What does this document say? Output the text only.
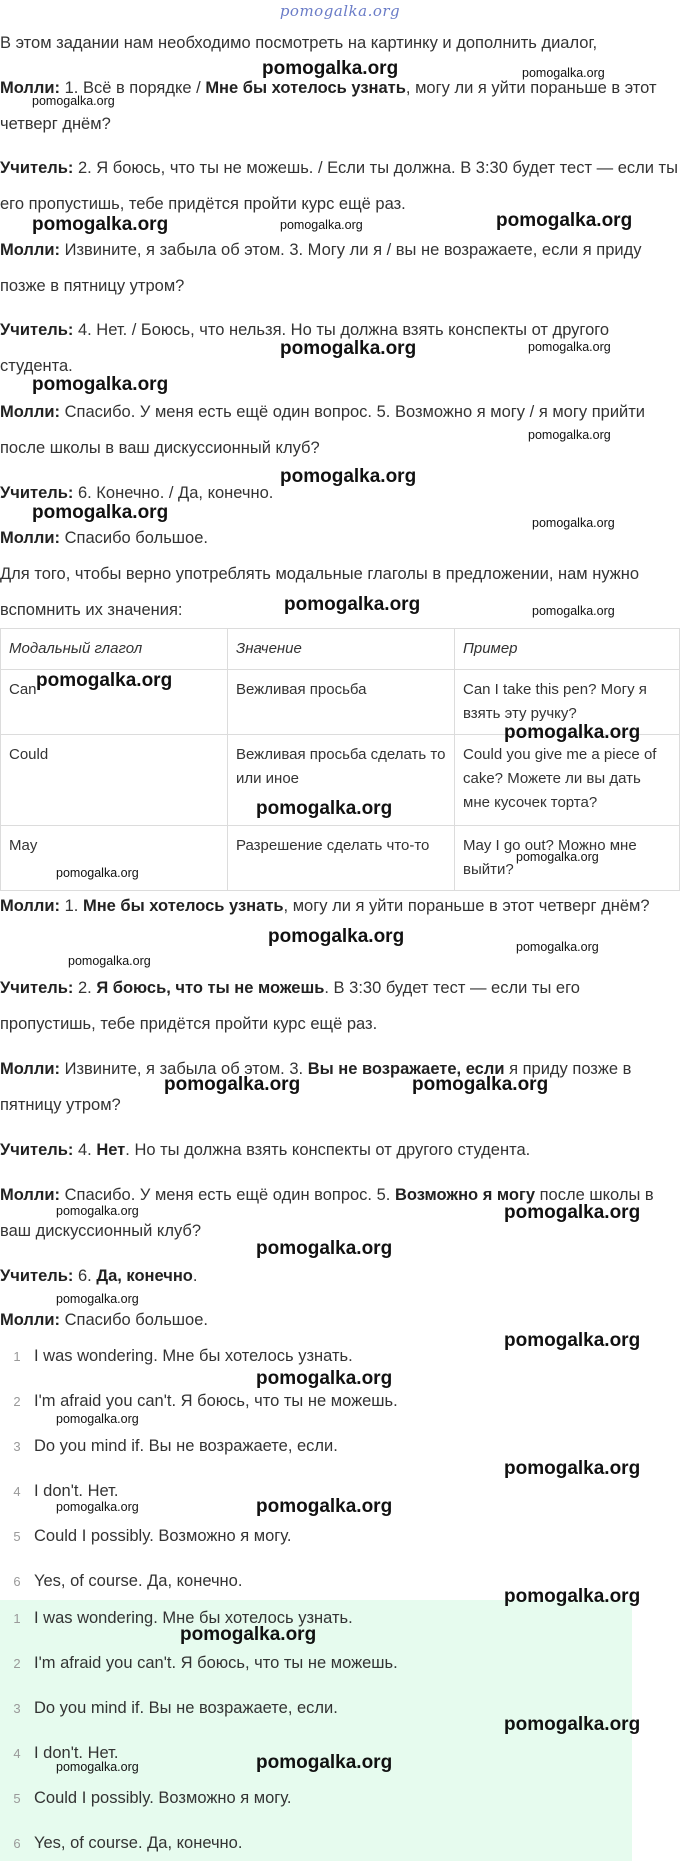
pomogalka.org

В этом задании нам необходимо посмотреть на картинку и дополнить диалог,

Молли: 1. Всё в порядке / Мне бы хотелось узнать, могу ли я уйти пораньше в этот четверг днём?

Учитель: 2. Я боюсь, что ты не можешь. / Если ты должна. В 3:30 будет тест — если ты его пропустишь, тебе придётся пройти курс ещё раз.

Молли: Извините, я забыла об этом. 3. Могу ли я / вы не возражаете, если я приду позже в пятницу утром?

Учитель: 4. Нет. / Боюсь, что нельзя. Но ты должна взять конспекты от другого студента.

Молли: Спасибо. У меня есть ещё один вопрос. 5. Возможно я могу / я могу прийти после школы в ваш дискуссионный клуб?

Учитель: 6. Конечно. / Да, конечно.

Молли: Спасибо большое.

Для того, чтобы верно употреблять модальные глаголы в предложении, нам нужно вспомнить их значения:

Модальный глагол	Значение	Пример
Can	Вежливая просьба	Can I take this pen? Могу я взять эту ручку?
Could	Вежливая просьба сделать то или иное	Could you give me a piece of cake? Можете ли вы дать мне кусочек торта?
May	Разрешение сделать что-то	May I go out? Можно мне выйти?

Молли: 1. Мне бы хотелось узнать, могу ли я уйти пораньше в этот четверг днём?

Учитель: 2. Я боюсь, что ты не можешь. В 3:30 будет тест — если ты его пропустишь, тебе придётся пройти курс ещё раз.

Молли: Извините, я забыла об этом. 3. Вы не возражаете, если я приду позже в пятницу утром?

Учитель: 4. Нет. Но ты должна взять конспекты от другого студента.

Молли: Спасибо. У меня есть ещё один вопрос. 5. Возможно я могу после школы в ваш дискуссионный клуб?

Учитель: 6. Да, конечно.

Молли: Спасибо большое.

1 I was wondering. Мне бы хотелось узнать.
2 I'm afraid you can't. Я боюсь, что ты не можешь.
3 Do you mind if. Вы не возражаете, если.
4 I don't. Нет.
5 Could I possibly. Возможно я могу.
6 Yes, of course. Да, конечно.
1 I was wondering. Мне бы хотелось узнать.
2 I'm afraid you can't. Я боюсь, что ты не можешь.
3 Do you mind if. Вы не возражаете, если.
4 I don't. Нет.
5 Could I possibly. Возможно я могу.
6 Yes, of course. Да, конечно.
pomogalka.org	pomogalka.org
pomogalka.org
pomogalka.org	pomogalka.org	pomogalka.org
pomogalka.org	pomogalka.org
pomogalka.org
pomogalka.org
pomogalka.org
pomogalka.org	pomogalka.org
pomogalka.org	pomogalka.org
pomogalka.org
pomogalka.org
pomogalka.org
pomogalka.org
pomogalka.org
pomogalka.org	pomogalka.org
pomogalka.org
pomogalka.org	pomogalka.org
pomogalka.org	pomogalka.org
pomogalka.org
pomogalka.org
pomogalka.org
pomogalka.org
pomogalka.org
pomogalka.org
pomogalka.org
pomogalka.org
pomogalka.org
pomogalka.org
pomogalka.org
pomogalka.org
pomogalka.org
